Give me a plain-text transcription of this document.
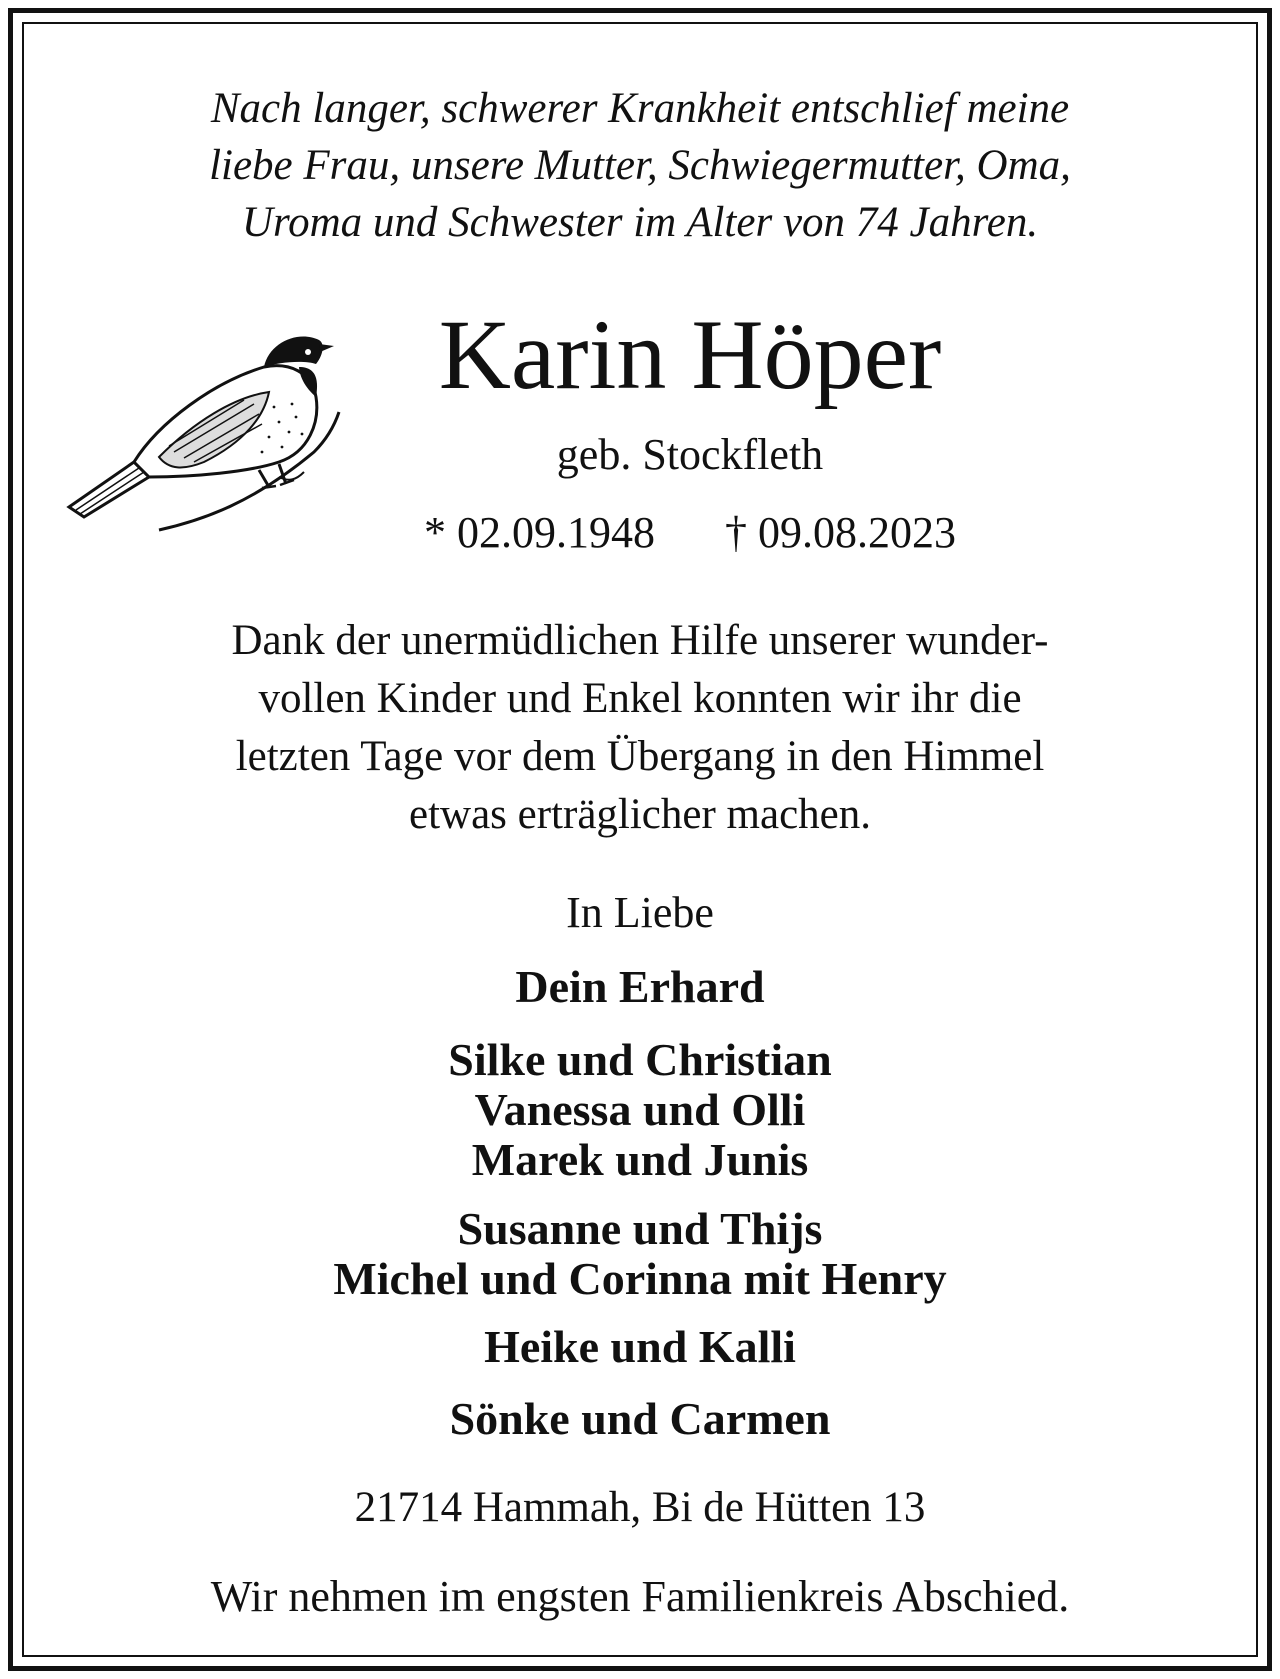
Nach langer, schwerer Krankheit entschlief meine
liebe Frau, unsere Mutter, Schwiegermutter, Oma,
Uroma und Schwester im Alter von 74 Jahren.
Karin Höper
geb. Stockfleth
* 02.09.1948 † 09.08.2023
Dank der unermüdlichen Hilfe unserer wunder-
vollen Kinder und Enkel konnten wir ihr die
letzten Tage vor dem Übergang in den Himmel
etwas erträglicher machen.
In Liebe
Dein Erhard
Silke und Christian
Vanessa und Olli
Marek und Junis
Susanne und Thijs
Michel und Corinna mit Henry
Heike und Kalli
Sönke und Carmen
21714 Hammah, Bi de Hütten 13
Wir nehmen im engsten Familienkreis Abschied.
